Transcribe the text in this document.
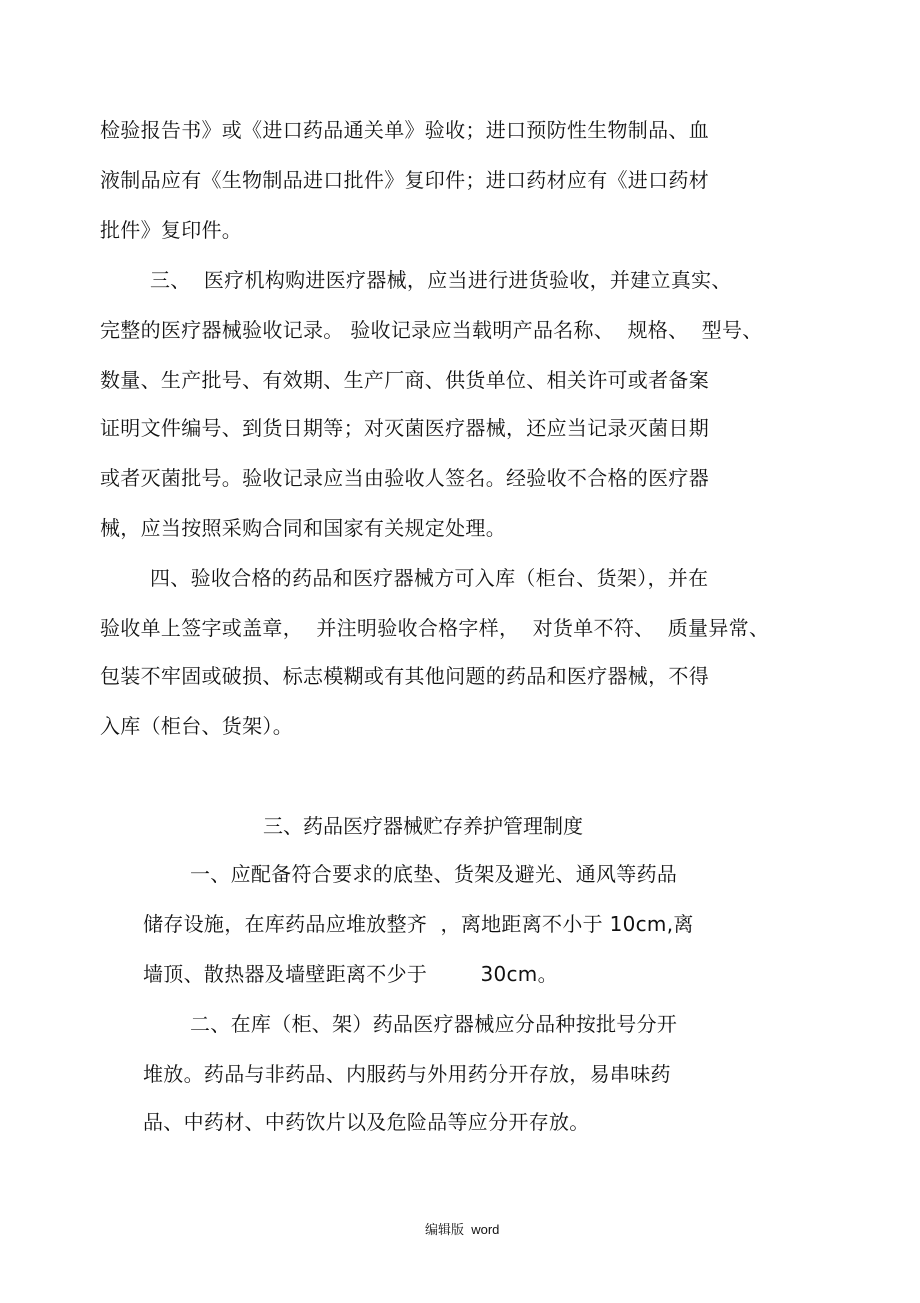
检验报告书》或《进口药品通关单》验收；进口预防性生物制品、血
液制品应有《生物制品进口批件》复印件；进口药材应有《进口药材
批件》复印件。
三、  医疗机构购进医疗器械，应当进行进货验收，并建立真实、
完整的医疗器械验收记录。 验收记录应当载明产品名称、  规格、  型号、
数量、生产批号、有效期、生产厂商、供货单位、相关许可或者备案
证明文件编号、到货日期等；对灭菌医疗器械，还应当记录灭菌日期
或者灭菌批号。验收记录应当由验收人签名。经验收不合格的医疗器
械，应当按照采购合同和国家有关规定处理。
四、验收合格的药品和医疗器械方可入库（柜台、货架），并在
验收单上签字或盖章，  并注明验收合格字样，  对货单不符、  质量异常、
包装不牢固或破损、标志模糊或有其他问题的药品和医疗器械，不得
入库（柜台、货架）。
三、药品医疗器械贮存养护管理制度
一、应配备符合要求的底垫、货架及避光、通风等药品
储存设施，在库药品应堆放整齐  ，离地距离不小于 10cm,离
墙顶、散热器及墙壁距离不少于        30cm。
二、在库（柜、架）药品医疗器械应分品种按批号分开
堆放。药品与非药品、内服药与外用药分开存放，易串味药
品、中药材、中药饮片以及危险品等应分开存放。
编辑版  word
